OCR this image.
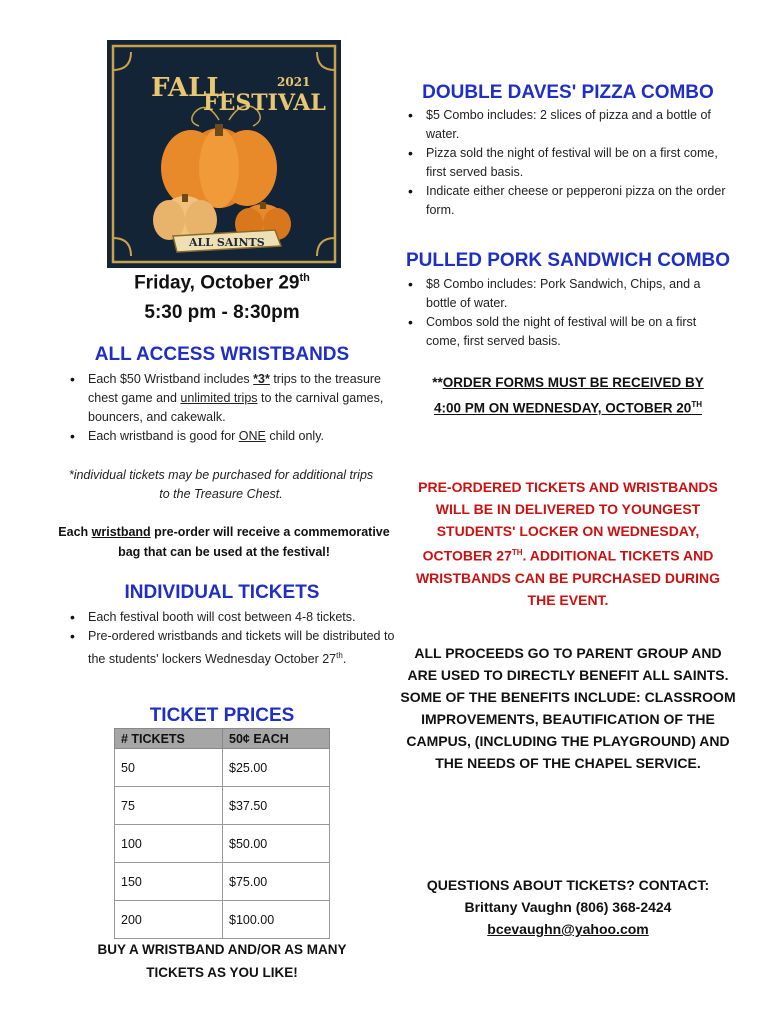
FALL
FESTIVAL
2021
ALL SAINTS
Friday, October 29th
5:30 pm - 8:30pm
ALL ACCESS WRISTBANDS
• Each $50 Wristband includes *3* trips to the treasure chest game and unlimited trips to the carnival games, bouncers, and cakewalk.
• Each wristband is good for ONE child only.
*individual tickets may be purchased for additional trips to the Treasure Chest.
Each wristband pre-order will receive a commemorative bag that can be used at the festival!
INDIVIDUAL TICKETS
• Each festival booth will cost between 4-8 tickets.
• Pre-ordered wristbands and tickets will be distributed to the students' lockers Wednesday October 27th.
TICKET PRICES
# TICKETS	50¢ EACH
50	$25.00
75	$37.50
100	$50.00
150	$75.00
200	$100.00
BUY A WRISTBAND AND/OR AS MANY
TICKETS AS YOU LIKE!
DOUBLE DAVES' PIZZA COMBO
• $5 Combo includes: 2 slices of pizza and a bottle of water.
• Pizza sold the night of festival will be on a first come, first served basis.
• Indicate either cheese or pepperoni pizza on the order form.
PULLED PORK SANDWICH COMBO
• $8 Combo includes: Pork Sandwich, Chips, and a bottle of water.
• Combos sold the night of festival will be on a first come, first served basis.
**ORDER FORMS MUST BE RECEIVED BY
4:00 PM ON WEDNESDAY, OCTOBER 20TH
PRE-ORDERED TICKETS AND WRISTBANDS WILL BE IN DELIVERED TO YOUNGEST STUDENTS' LOCKER ON WEDNESDAY, OCTOBER 27TH. ADDITIONAL TICKETS AND WRISTBANDS CAN BE PURCHASED DURING THE EVENT.
ALL PROCEEDS GO TO PARENT GROUP AND ARE USED TO DIRECTLY BENEFIT ALL SAINTS. SOME OF THE BENEFITS INCLUDE: CLASSROOM IMPROVEMENTS, BEAUTIFICATION OF THE CAMPUS, (INCLUDING THE PLAYGROUND) AND THE NEEDS OF THE CHAPEL SERVICE.
QUESTIONS ABOUT TICKETS? CONTACT:
Brittany Vaughn (806) 368-2424
bcevaughn@yahoo.com
